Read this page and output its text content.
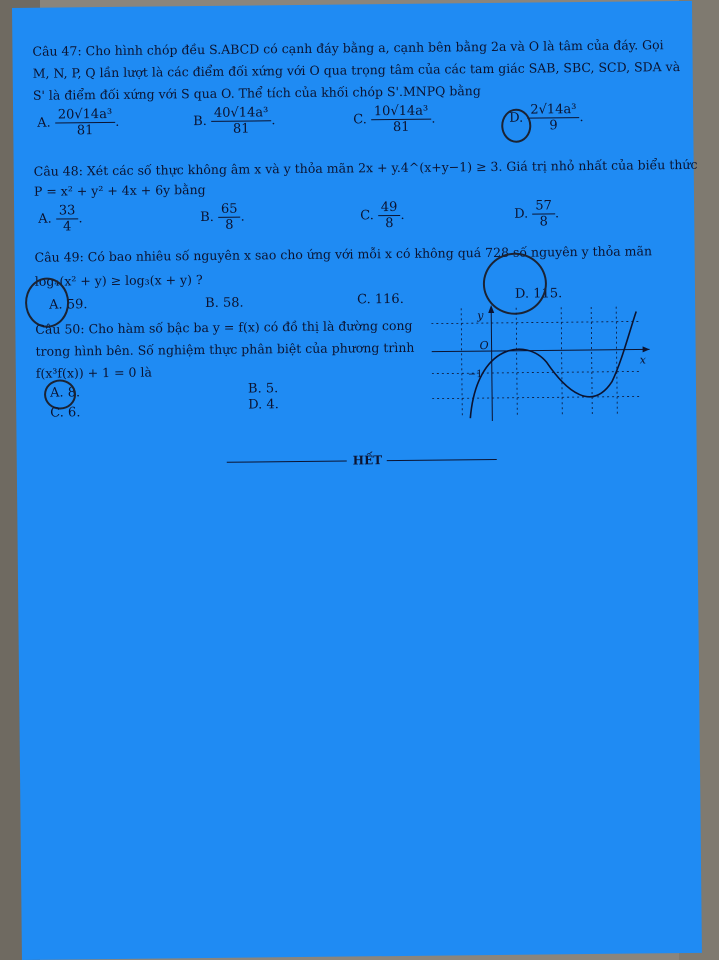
Câu 47: Cho hình chóp đều S.ABCD có cạnh đáy bằng a, cạnh bên bằng 2a và O là tâm của đáy. Gọi
M, N, P, Q lần lượt là các điểm đối xứng với O qua trọng tâm của các tam giác SAB, SBC, SCD, SDA và
S' là điểm đối xứng với S qua O. Thể tích của khối chóp S'.MNPQ bằng
A. $\frac{\text{20√14a³}}{81}$ .	B. $\frac{\text{40√14a³}}{81}$ .	C. $\frac{\text{10√14a³}}{81}$ .	D. $\frac{\text{2√14a³}}{9}$ .
Câu 48: Xét các số thực không âm x và y thỏa mãn 2x + y.4^(x+y−1) ≥ 3. Giá trị nhỏ nhất của biểu thức
P = x² + y² + 4x + 6y bằng
A. $\frac{33}{4}$ .	B. $\frac{65}{8}$ .	C. $\frac{49}{8}$ .	D. $\frac{57}{8}$ .
Câu 49: Có bao nhiêu số nguyên x sao cho ứng với mỗi x có không quá 728 số nguyên y thỏa mãn
log₄(x² + y) ≥ log₃(x + y) ?
A. 59.	B. 58.	C. 116.	D. 115.
Câu 50: Cho hàm số bậc ba y = f(x) có đồ thị là đường cong
trong hình bên. Số nghiệm thực phân biệt của phương trình
f(x³f(x)) + 1 = 0 là
A. 8.	B. 5.
C. 6.
D. 4.
y
O
x
−1
HẾT
